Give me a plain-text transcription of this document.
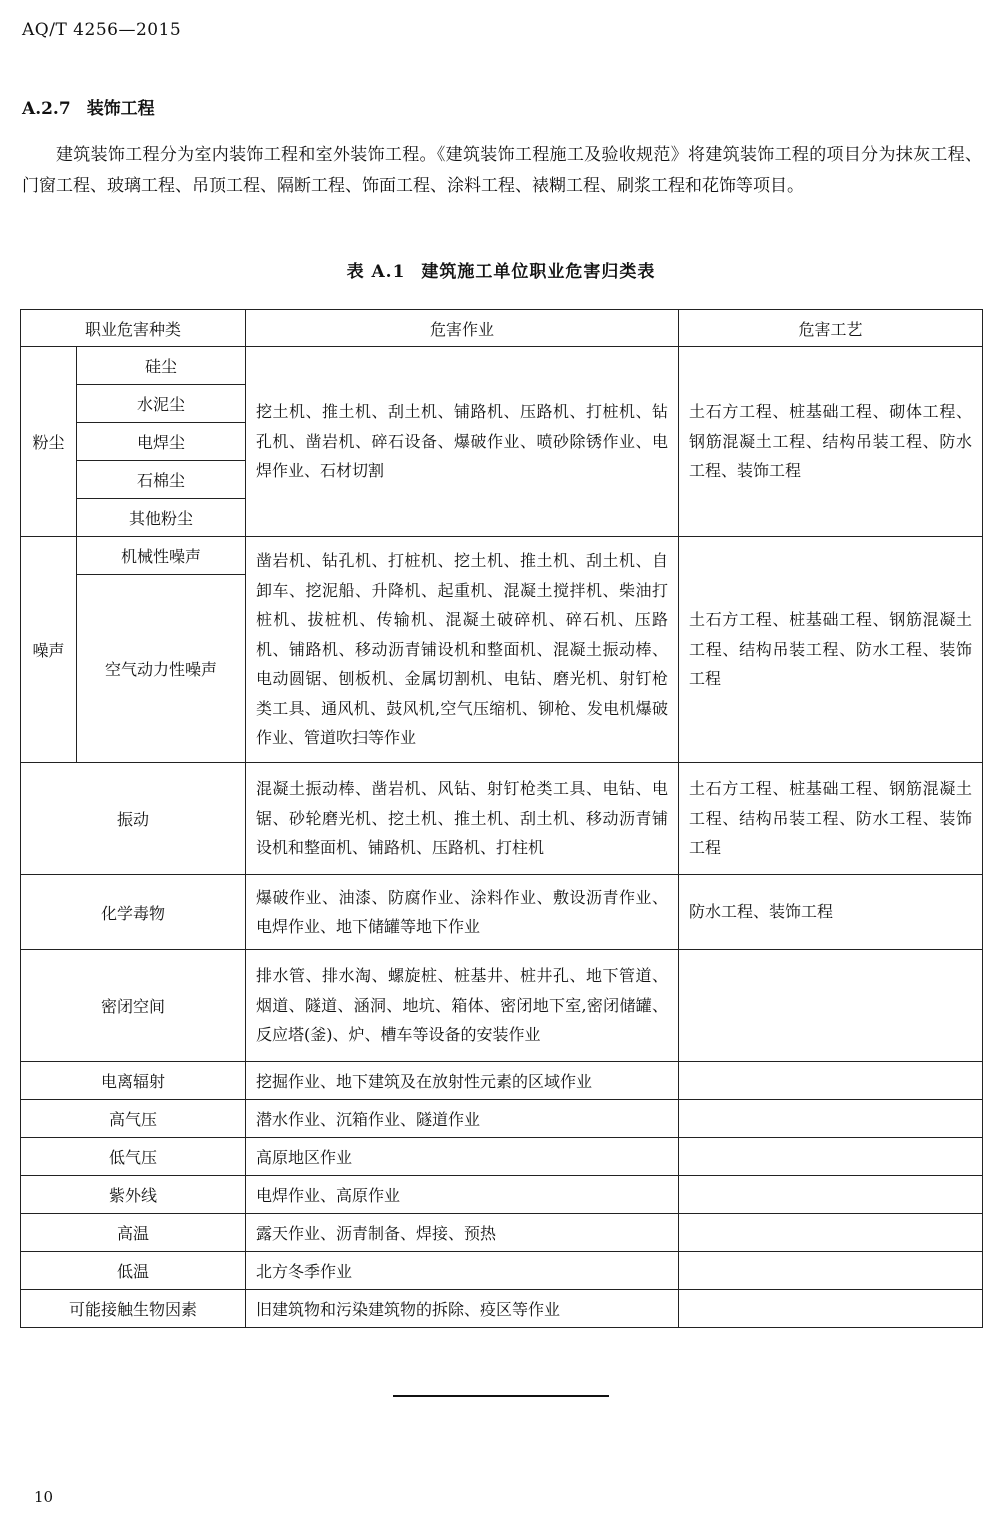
AQ/T 4256—2015
A.2.7 装饰工程

建筑装饰工程分为室内装饰工程和室外装饰工程。《建筑装饰工程施工及验收规范》将建筑装饰工程的项目分为抹灰工程、门窗工程、玻璃工程、吊顶工程、隔断工程、饰面工程、涂料工程、裱糊工程、刷浆工程和花饰等项目。

表 A.1 建筑施工单位职业危害归类表
职业危害种类		危害作业	危害工艺
粉尘	硅尘	挖土机、推土机、刮土机、铺路机、压路机、打桩机、钻孔机、凿岩机、碎石设备、爆破作业、喷砂除锈作业、电焊作业、石材切割	土石方工程、桩基础工程、砌体工程、钢筋混凝土工程、结构吊装工程、防水工程、装饰工程

	水泥尘		
	电焊尘		
	石棉尘		
	其他粉尘		
噪声	机械性噪声	凿岩机、钻孔机、打桩机、挖土机、推土机、刮土机、自卸车、挖泥船、升降机、起重机、混凝土搅拌机、柴油打桩机、拔桩机、传输机、混凝土破碎机、碎石机、压路机、铺路机、移动沥青铺设机和整面机、混凝土振动棒、电动圆锯、刨板机、金属切割机、电钻、磨光机、射钉枪类工具、通风机、鼓风机,空气压缩机、铆枪、发电机爆破作业、管道吹扫等作业	土石方工程、桩基础工程、钢筋混凝土工程、结构吊装工程、防水工程、装饰工程

	空气动力性噪声		
振动		混凝土振动棒、凿岩机、风钻、射钉枪类工具、电钻、电锯、砂轮磨光机、挖土机、推土机、刮土机、移动沥青铺设机和整面机、铺路机、压路机、打柱机	土石方工程、桩基础工程、钢筋混凝土工程、结构吊装工程、防水工程、装饰工程

化学毒物		爆破作业、油漆、防腐作业、涂料作业、敷设沥青作业、电焊作业、地下储罐等地下作业	防水工程、装饰工程

密闭空间		排水管、排水淘、螺旋桩、桩基井、桩井孔、地下管道、烟道、隧道、涵洞、地坑、箱体、密闭地下室,密闭储罐、反应塔(釜)、炉、槽车等设备的安装作业	

电离辐射		挖掘作业、地下建筑及在放射性元素的区域作业	
高气压		潜水作业、沉箱作业、隧道作业	
低气压		高原地区作业	
紫外线		电焊作业、高原作业	
高温		露天作业、沥青制备、焊接、预热	
低温		北方冬季作业	
可能接触生物因素		旧建筑物和污染建筑物的拆除、疫区等作业	
10
